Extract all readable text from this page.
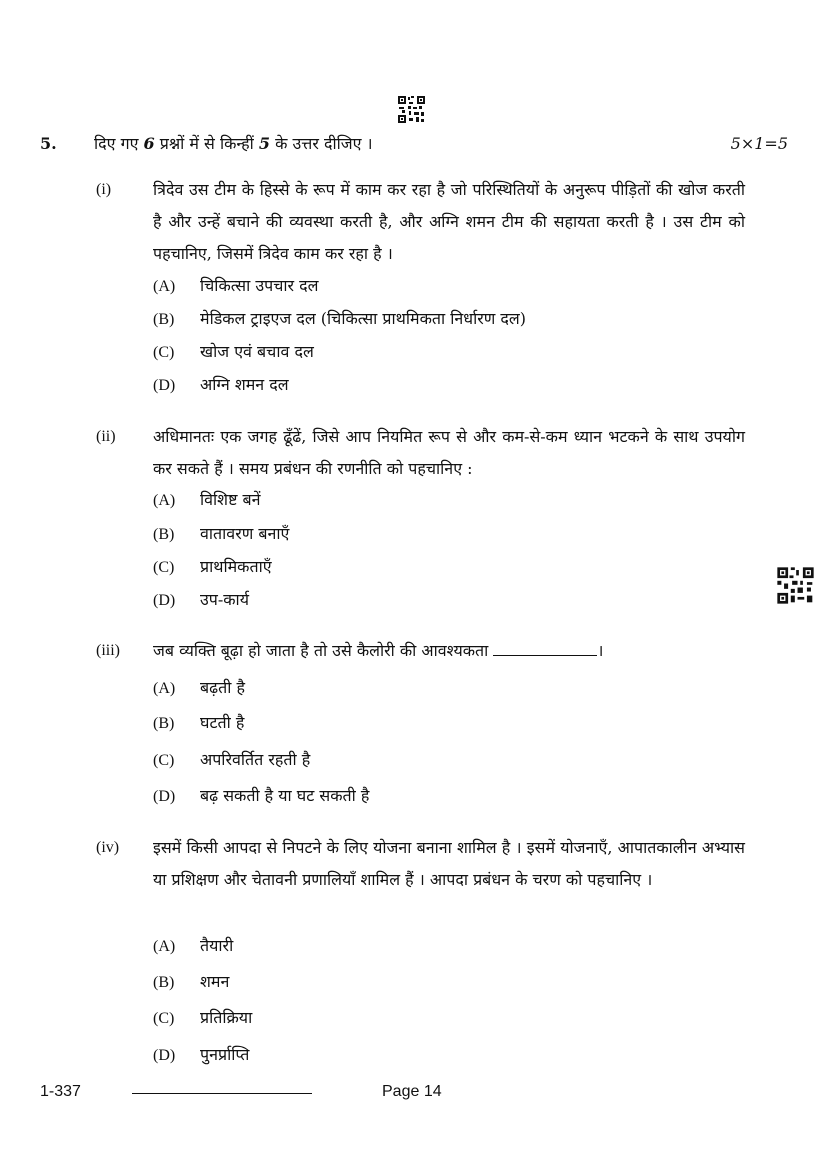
5. दिए गए 6 प्रश्नों में से किन्हीं 5 के उत्तर दीजिए ।	5×1=5
(i)	त्रिदेव उस टीम के हिस्से के रूप में काम कर रहा है जो परिस्थितियों के अनुरूप पीड़ितों की खोज करती है और उन्हें बचाने की व्यवस्था करती है, और अग्नि शमन टीम की सहायता करती है । उस टीम को पहचानिए, जिसमें त्रिदेव काम कर रहा है ।
(A) चिकित्सा उपचार दल
(B) मेडिकल ट्राइएज दल (चिकित्सा प्राथमिकता निर्धारण दल)
(C) खोज एवं बचाव दल
(D) अग्नि शमन दल
(ii) अधिमानतः एक जगह ढूँढें, जिसे आप नियमित रूप से और कम-से-कम ध्यान भटकने के साथ उपयोग कर सकते हैं । समय प्रबंधन की रणनीति को पहचानिए :
(A) विशिष्ट बनें
(B) वातावरण बनाएँ
(C) प्राथमिकताएँ
(D) उप-कार्य
(iii) जब व्यक्ति बूढ़ा हो जाता है तो उसे कैलोरी की आवश्यकता	।
(A) बढ़ती है
(B) घटती है
(C) अपरिवर्तित रहती है
(D) बढ़ सकती है या घट सकती है
(iv) इसमें किसी आपदा से निपटने के लिए योजना बनाना शामिल है । इसमें योजनाएँ, आपातकालीन अभ्यास या प्रशिक्षण और चेतावनी प्रणालियाँ शामिल हैं । आपदा प्रबंधन के चरण को पहचानिए ।
(A) तैयारी
(B) शमन
(C) प्रतिक्रिया
(D) पुनर्प्राप्ति
1-337	Page 14
